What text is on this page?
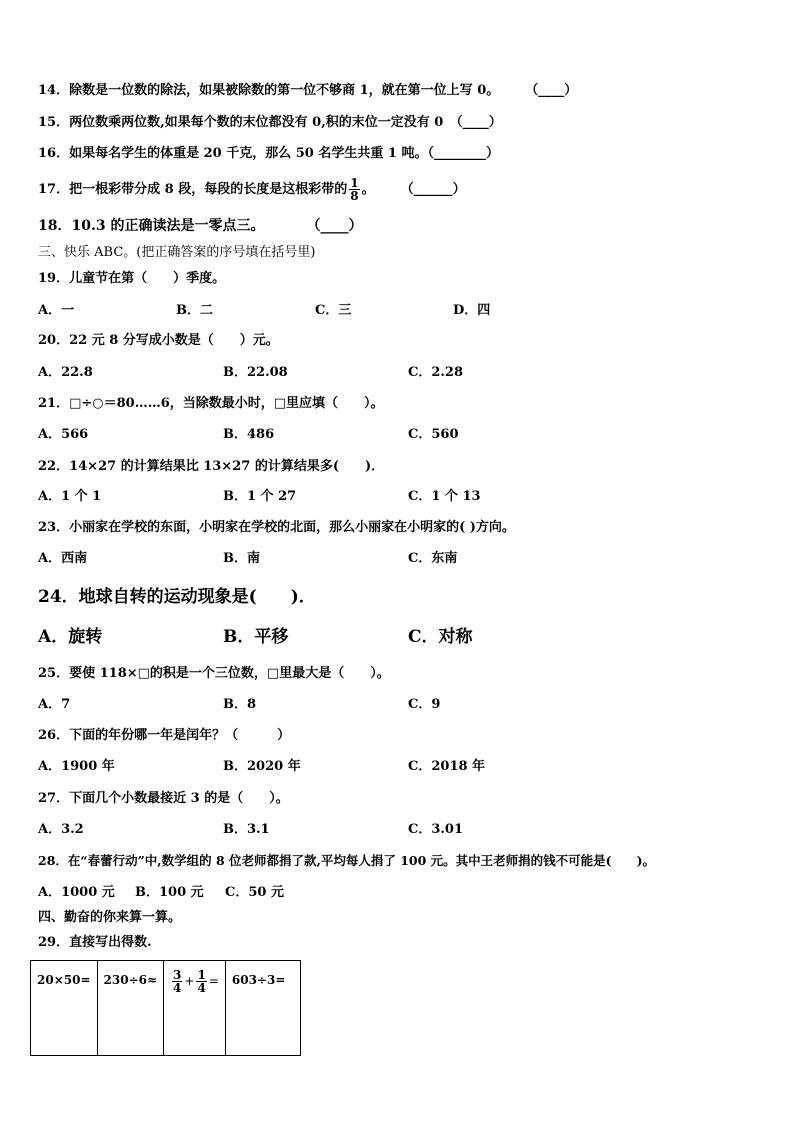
14．除数是一位数的除法，如果被除数的第一位不够商 1，就在第一位上写 0。　　　（____）
15．两位数乘两位数,如果每个数的末位都没有 0,积的末位一定没有 0　（____）
16．如果每名学生的体重是 20 千克，那么 50 名学生共重 1 吨。（________）
17．把一根彩带分成 8 段，每段的长度是这根彩带的 $\frac{1}{8}$ 。　　　（______）
18．10.3 的正确读法是一零点三。　　　　（____）
三、快乐 ABC。(把正确答案的序号填在括号里)
19．儿童节在第（　　）季度。
A．一	B．二	C．三	D．四
20．22 元 8 分写成小数是（　　）元。
A．22.8	B．22.08	C．2.28
21．□÷○＝80……6，当除数最小时，□里应填（　　）。
A．566	B．486	C．560
22．14×27 的计算结果比 13×27 的计算结果多(　　)．
A．1 个 1	B．1 个 27	C．1 个 13
23．小丽家在学校的东面，小明家在学校的北面，那么小丽家在小明家的( )方向。
A．西南	B．南	C．东南
24．地球自转的运动现象是(　　)．
A．旋转	B．平移	C．对称
25．要使 118×□的积是一个三位数，□里最大是（　　）。
A．7	B．8	C．9
26．下面的年份哪一年是闰年？（　　　）
A．1900 年	B．2020 年	C．2018 年
27．下面几个小数最接近 3 的是（　　）。
A．3.2	B．3.1	C．3.01
28．在“春蕾行动”中,数学组的 8 位老师都捐了款,平均每人捐了 100 元。其中王老师捐的钱不可能是(　　)。
A．1000 元 B．100 元 C．50 元
四、勤奋的你来算一算。
29．直接写出得数.
20×50=	230÷6≈	$\frac{3}{4} + \frac{1}{4}$ =	603÷3=
